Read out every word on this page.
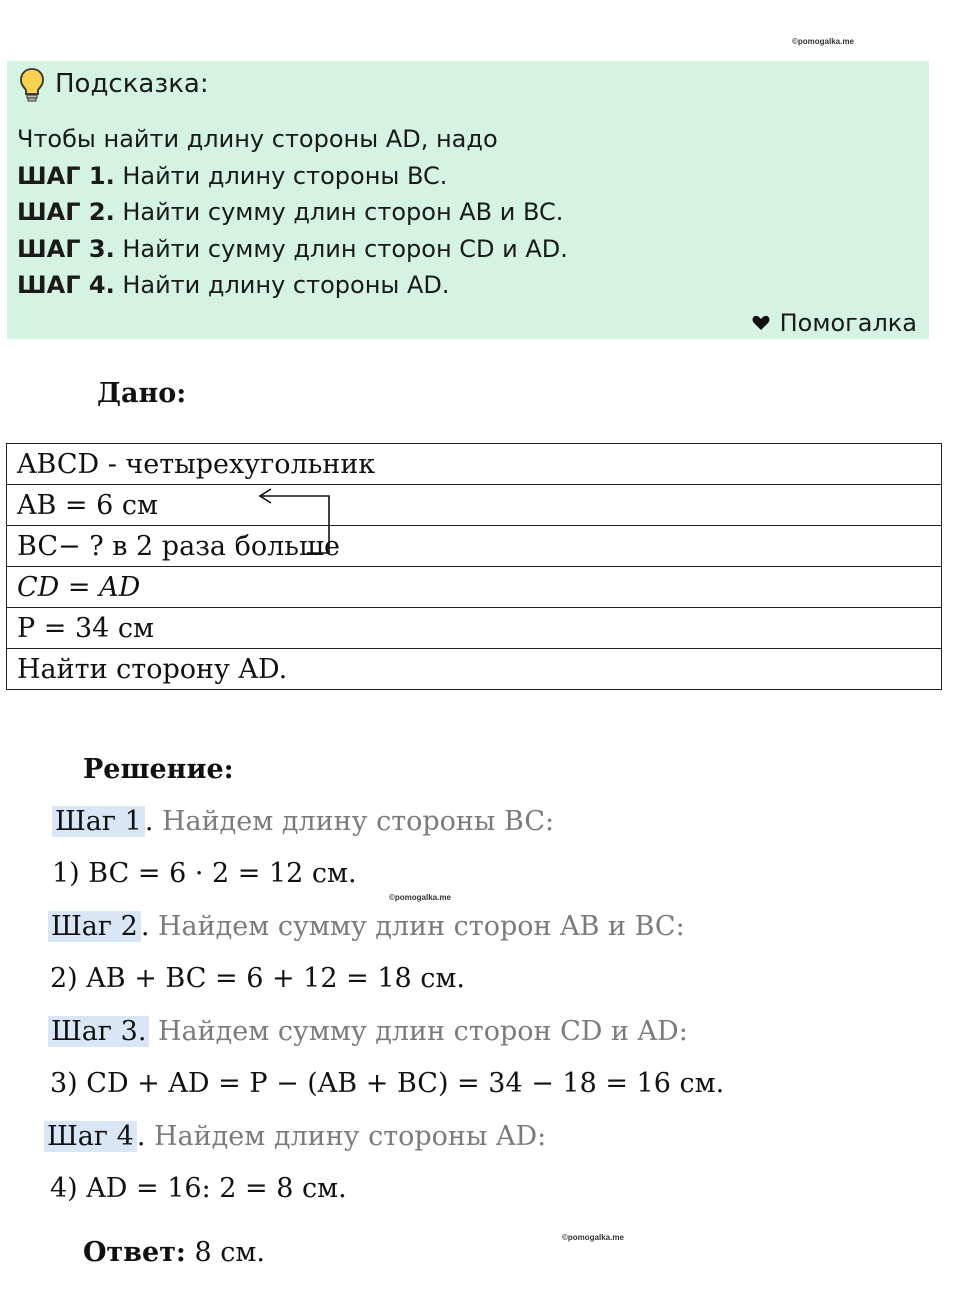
©pomogalka.me
Подсказка:
Чтобы найти длину стороны AD, надо
ШАГ 1. Найти длину стороны BC.
ШАГ 2. Найти сумму длин сторон AB и BC.
ШАГ 3. Найти сумму длин сторон CD и AD.
ШАГ 4. Найти длину стороны AD.
Помогалка
Дано:
ABCD - четырехугольник
AB = 6 см
BC− ? в 2 раза больше
CD = AD
P = 34 см
Найти сторону AD.
Решение:
Шаг 1 . Найдем длину стороны BC:
1) BC = 6 · 2 = 12 см.
©pomogalka.me
Шаг 2 . Найдем сумму длин сторон AB и BC:
2) AB + BC = 6 + 12 = 18 см.
Шаг 3. Найдем сумму длин сторон CD и AD:
3) CD + AD = P − (AB + BC) = 34 − 18 = 16 см.
Шаг 4 . Найдем длину стороны AD:
4) AD = 16: 2 = 8 см.
©pomogalka.me
Ответ: 8 см.
